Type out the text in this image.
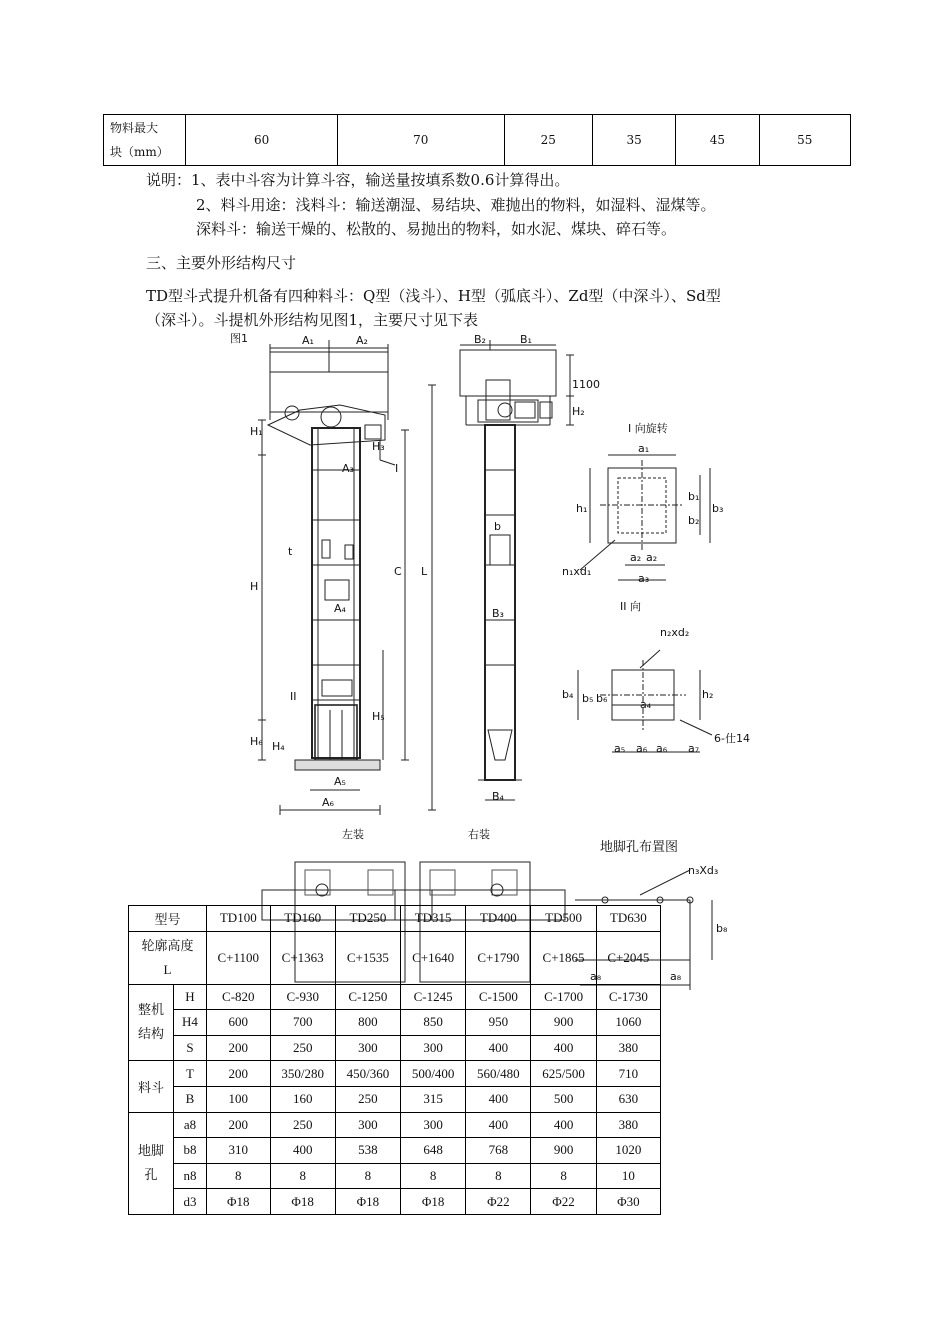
物料最大
块（mm）	60	70	25	35	45	55
说明：1、表中斗容为计算斗容，输送量按填系数0.6计算得出。
2、料斗用途：浅料斗：输送潮湿、易结块、难抛出的物料，如湿料、湿煤等。
深料斗：输送干燥的、松散的、易抛出的物料，如水泥、煤块、碎石等。
三、主要外形结构尺寸
TD型斗式提升机备有四种料斗：Q型（浅斗）、H型（弧底斗）、Zd型（中深斗）、Sd型
（深斗）。斗提机外形结构见图1，主要尺寸见下表
图1	A₁	A₂
A₃
A₄
A₅
A₆
H₁
H
H₆ H₄
H₃
H₅
C L
t
I
II
B₂	B₁
1100
H₂
b
B₃
B₄
I 向旋转
a₁
h₁
b₁
b₂
b₃
a₂ a₂
a₃
n₁xd₁
II 向
n₂xd₂
b₄ b₅ b₆	h₂
a₄
6-仕14
a₅ a₆ a₆ a₇
左装	右装
地脚孔布置图
n₃Xd₃
b₈
a₈	a₈
型号		TD100	TD160	TD250	TD315	TD400	TD500	TD630
轮廓高度
L		C+1100	C+1363	C+1535	C+1640	C+1790	C+1865	C+2045
整机
结构	H	C-820	C-930	C-1250	C-1245	C-1500	C-1700	C-1730
	H4	600	700	800	850	950	900	1060
	S	200	250	300	300	400	400	380
料斗	T	200	350/280	450/360	500/400	560/480	625/500	710
	B	100	160	250	315	400	500	630
地脚
孔	a8	200	250	300	300	400	400	380
	b8	310	400	538	648	768	900	1020
	n8	8	8	8	8	8	8	10
	d3	Φ18	Φ18	Φ18	Φ18	Φ22	Φ22	Φ30
